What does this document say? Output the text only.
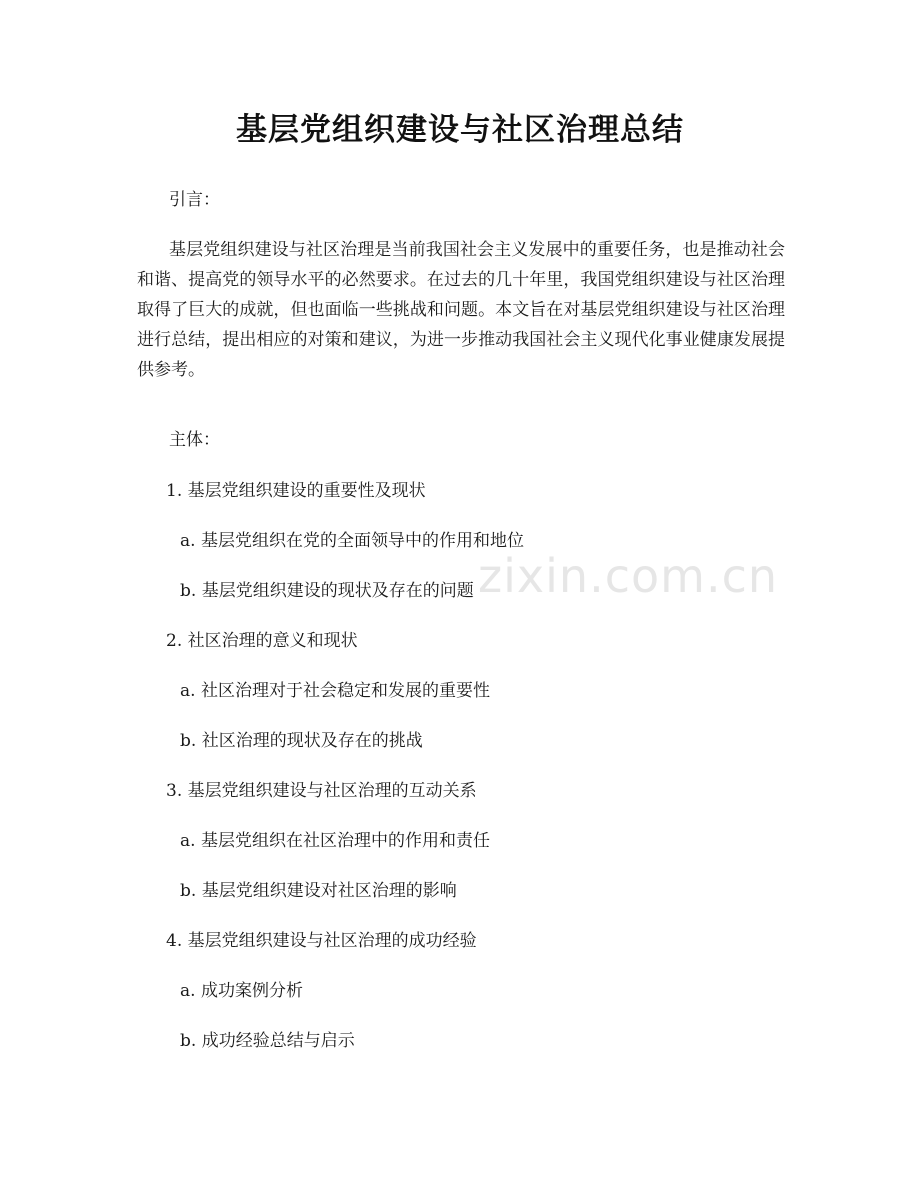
zixin.com.cn
基层党组织建设与社区治理总结
引言：

基层党组织建设与社区治理是当前我国社会主义发展中的重要任务，也是推动社会和谐、提高党的领导水平的必然要求。在过去的几十年里，我国党组织建设与社区治理取得了巨大的成就，但也面临一些挑战和问题。本文旨在对基层党组织建设与社区治理进行总结，提出相应的对策和建议，为进一步推动我国社会主义现代化事业健康发展提供参考。

主体：
1. 基层党组织建设的重要性及现状
a. 基层党组织在党的全面领导中的作用和地位
b. 基层党组织建设的现状及存在的问题
2. 社区治理的意义和现状
a. 社区治理对于社会稳定和发展的重要性
b. 社区治理的现状及存在的挑战
3. 基层党组织建设与社区治理的互动关系
a. 基层党组织在社区治理中的作用和责任
b. 基层党组织建设对社区治理的影响
4. 基层党组织建设与社区治理的成功经验
a. 成功案例分析
b. 成功经验总结与启示
